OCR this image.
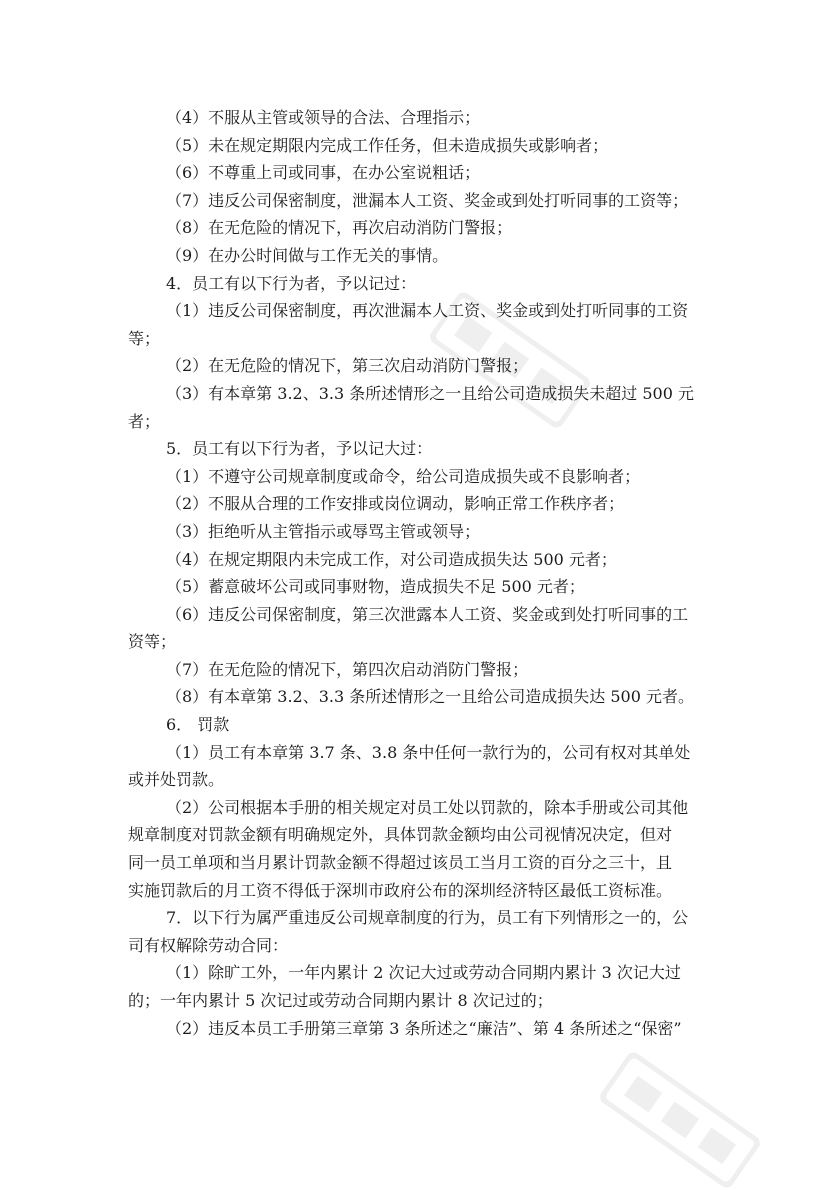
（4）不服从主管或领导的合法、合理指示；
（5）未在规定期限内完成工作任务，但未造成损失或影响者；
（6）不尊重上司或同事，在办公室说粗话；
（7）违反公司保密制度，泄漏本人工资、奖金或到处打听同事的工资等；
（8）在无危险的情况下，再次启动消防门警报；
（9）在办公时间做与工作无关的事情。
4．员工有以下行为者，予以记过：
（1）违反公司保密制度，再次泄漏本人工资、奖金或到处打听同事的工资
等；
（2）在无危险的情况下，第三次启动消防门警报；
（3）有本章第 3.2、3.3 条所述情形之一且给公司造成损失未超过 500 元
者；
5．员工有以下行为者，予以记大过：
（1）不遵守公司规章制度或命令，给公司造成损失或不良影响者；
（2）不服从合理的工作安排或岗位调动，影响正常工作秩序者；
（3）拒绝听从主管指示或辱骂主管或领导；
（4）在规定期限内未完成工作，对公司造成损失达 500 元者；
（5）蓄意破坏公司或同事财物，造成损失不足 500 元者；
（6）违反公司保密制度，第三次泄露本人工资、奖金或到处打听同事的工
资等；
（7）在无危险的情况下，第四次启动消防门警报；
（8）有本章第 3.2、3.3 条所述情形之一且给公司造成损失达 500 元者。
6． 罚款
（1）员工有本章第 3.7 条、3.8 条中任何一款行为的，公司有权对其单处
或并处罚款。
（2）公司根据本手册的相关规定对员工处以罚款的，除本手册或公司其他
规章制度对罚款金额有明确规定外，具体罚款金额均由公司视情况决定，但对
同一员工单项和当月累计罚款金额不得超过该员工当月工资的百分之三十，且
实施罚款后的月工资不得低于深圳市政府公布的深圳经济特区最低工资标准。
7．以下行为属严重违反公司规章制度的行为，员工有下列情形之一的，公
司有权解除劳动合同：
（1）除旷工外，一年内累计 2 次记大过或劳动合同期内累计 3 次记大过
的；一年内累计 5 次记过或劳动合同期内累计 8 次记过的；
（2）违反本员工手册第三章第 3 条所述之“廉洁”、第 4 条所述之“保密”
